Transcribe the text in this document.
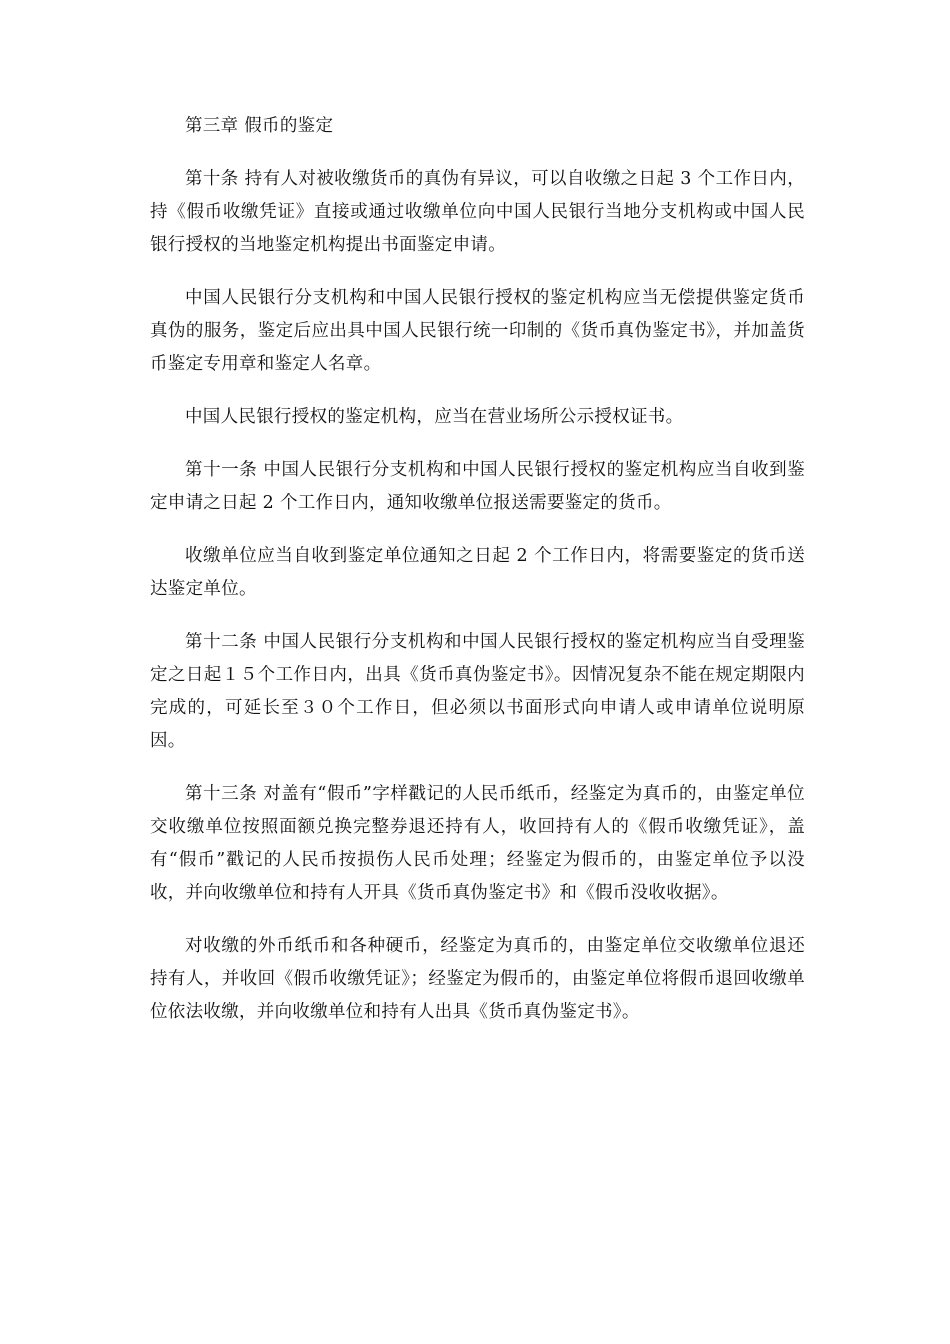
第三章 假币的鉴定

第十条 持有人对被收缴货币的真伪有异议，可以自收缴之日起 3 个工作日内，持《假币收缴凭证》直接或通过收缴单位向中国人民银行当地分支机构或中国人民银行授权的当地鉴定机构提出书面鉴定申请。

中国人民银行分支机构和中国人民银行授权的鉴定机构应当无偿提供鉴定货币真伪的服务，鉴定后应出具中国人民银行统一印制的《货币真伪鉴定书》，并加盖货币鉴定专用章和鉴定人名章。

中国人民银行授权的鉴定机构，应当在营业场所公示授权证书。

第十一条 中国人民银行分支机构和中国人民银行授权的鉴定机构应当自收到鉴定申请之日起 2 个工作日内，通知收缴单位报送需要鉴定的货币。

收缴单位应当自收到鉴定单位通知之日起 2 个工作日内，将需要鉴定的货币送达鉴定单位。

第十二条 中国人民银行分支机构和中国人民银行授权的鉴定机构应当自受理鉴定之日起１５个工作日内，出具《货币真伪鉴定书》。因情况复杂不能在规定期限内完成的，可延长至３０个工作日，但必须以书面形式向申请人或申请单位说明原因。

第十三条 对盖有“假币”字样戳记的人民币纸币，经鉴定为真币的，由鉴定单位交收缴单位按照面额兑换完整券退还持有人，收回持有人的《假币收缴凭证》，盖有“假币”戳记的人民币按损伤人民币处理；经鉴定为假币的，由鉴定单位予以没收，并向收缴单位和持有人开具《货币真伪鉴定书》和《假币没收收据》。

对收缴的外币纸币和各种硬币，经鉴定为真币的，由鉴定单位交收缴单位退还持有人，并收回《假币收缴凭证》；经鉴定为假币的，由鉴定单位将假币退回收缴单位依法收缴，并向收缴单位和持有人出具《货币真伪鉴定书》。
